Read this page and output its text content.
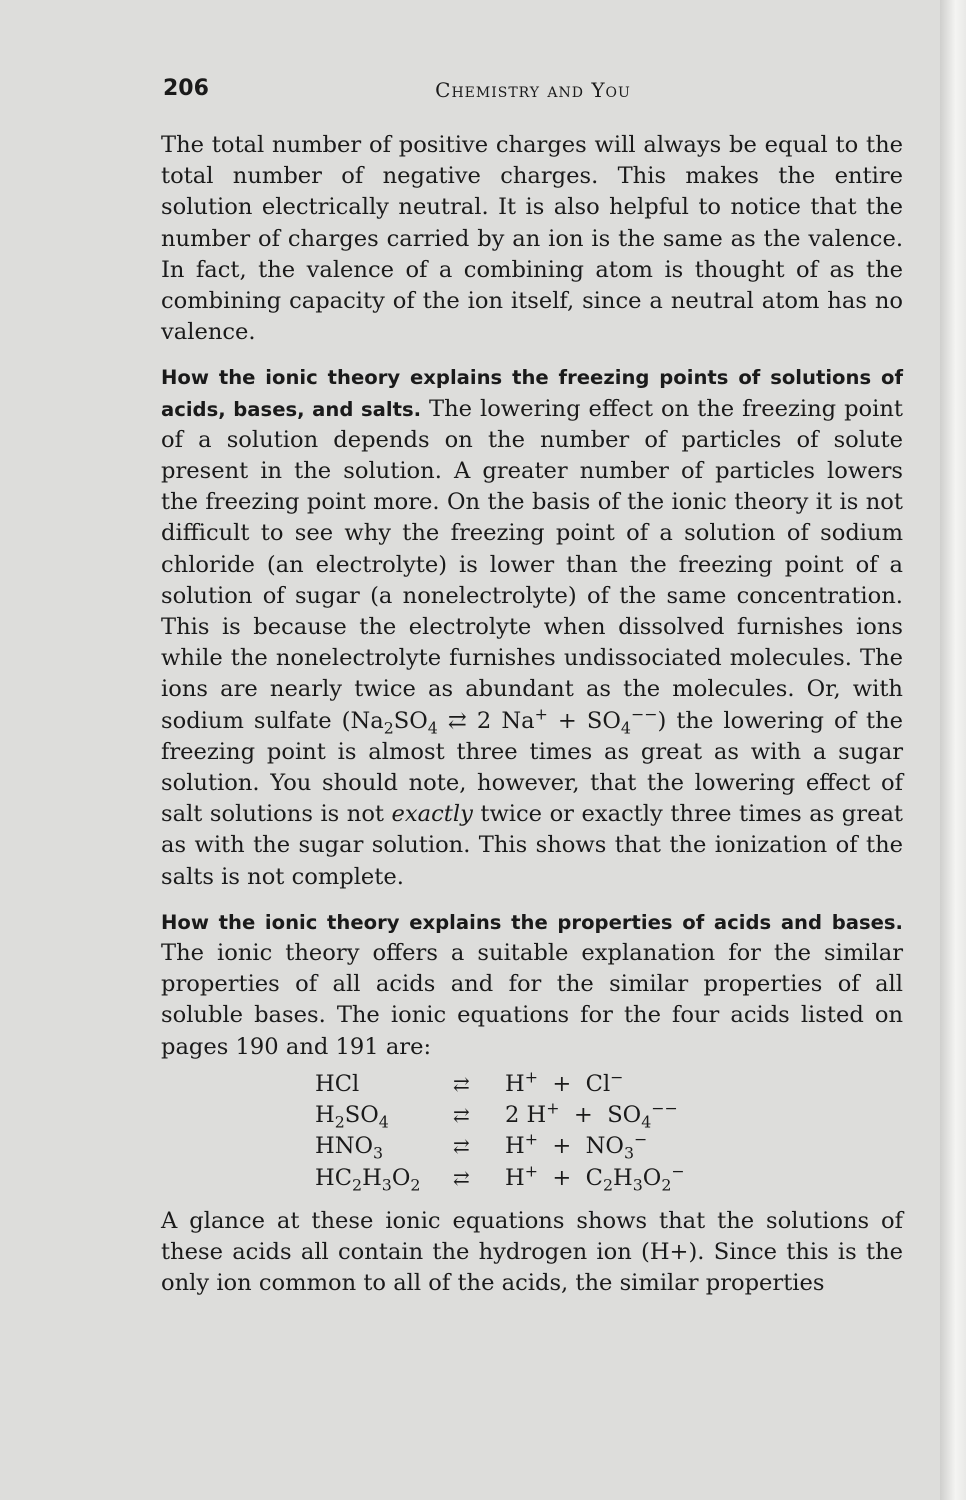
206	Chemistry and You

The total number of positive charges will always be equal to the total number of negative charges. This makes the entire solution electrically neutral. It is also helpful to notice that the number of charges carried by an ion is the same as the valence. In fact, the valence of a combining atom is thought of as the combining capacity of the ion itself, since a neutral atom has no valence.

How the ionic theory explains the freezing points of solutions of acids, bases, and salts. The lowering effect on the freezing point of a solution depends on the number of particles of solute present in the solution. A greater number of particles lowers the freezing point more. On the basis of the ionic theory it is not difficult to see why the freezing point of a solution of sodium chloride (an electrolyte) is lower than the freezing point of a solution of sugar (a nonelectrolyte) of the same concentration. This is because the electrolyte when dissolved furnishes ions while the nonelectrolyte furnishes undissociated molecules. The ions are nearly twice as abundant as the molecules. Or, with sodium sulfate ($Na_2SO_4$ ⇄ 2 $Na^+ + SO_4^{--}$) the lowering of the freezing point is almost three times as great as with a sugar solution. You should note, however, that the lowering effect of salt solutions is not exactly twice or exactly three times as great as with the sugar solution. This shows that the ionization of the salts is not complete.

How the ionic theory explains the properties of acids and bases. The ionic theory offers a suitable explanation for the similar properties of all acids and for the similar properties of all soluble bases. The ionic equations for the four acids listed on pages 190 and 191 are:

HCl	⇄	H+ + Cl−
$H_2SO_4$	⇄	2 $H^+ + SO_4^{--}$
$HNO_3$	⇄	$H^+ + NO_3^-$
$HC_2H_3O_2$	⇄	$H^+ + C_2H_3O_2^-$

A glance at these ionic equations shows that the solutions of these acids all contain the hydrogen ion (H+). Since this is the only ion common to all of the acids, the similar properties
